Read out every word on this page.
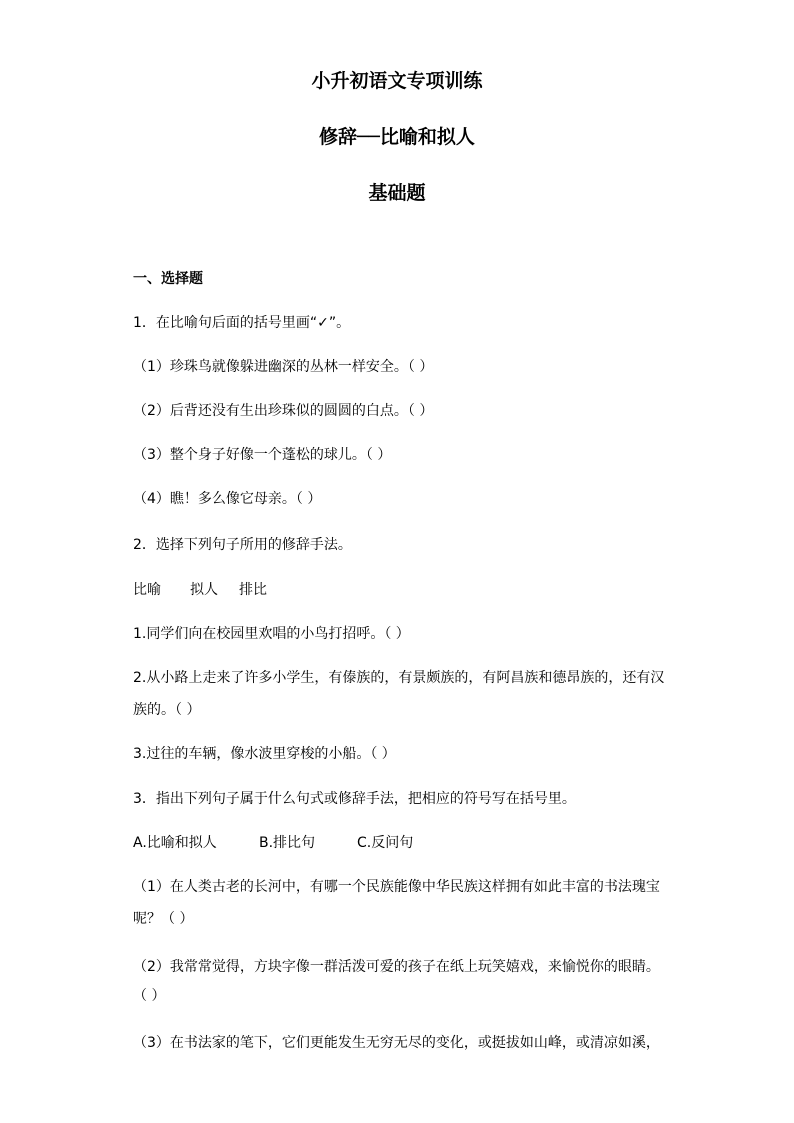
小升初语文专项训练
修辞──比喻和拟人
基础题
一、选择题
1．在比喻句后面的括号里画“✓”。
（1）珍珠鸟就像躲进幽深的丛林一样安全。（ ）
（2）后背还没有生出珍珠似的圆圆的白点。（ ）
（3）整个身子好像一个蓬松的球儿。（ ）
（4）瞧！多么像它母亲。（ ）
2．选择下列句子所用的修辞手法。
比喻 拟人 排比
1.同学们向在校园里欢唱的小鸟打招呼。（ ）
2.从小路上走来了许多小学生，有傣族的，有景颇族的，有阿昌族和德昂族的，还有汉
族的。（ ）
3.过往的车辆，像水波里穿梭的小船。（ ）
3．指出下列句子属于什么句式或修辞手法，把相应的符号写在括号里。
A.比喻和拟人	B.排比句	C.反问句
（1）在人类古老的长河中，有哪一个民族能像中华民族这样拥有如此丰富的书法瑰宝
呢？（ ）
（2）我常常觉得，方块字像一群活泼可爱的孩子在纸上玩笑嬉戏，来愉悦你的眼睛。
（ ）
（3）在书法家的笔下，它们更能发生无穷无尽的变化，或挺拔如山峰，或清凉如溪，
